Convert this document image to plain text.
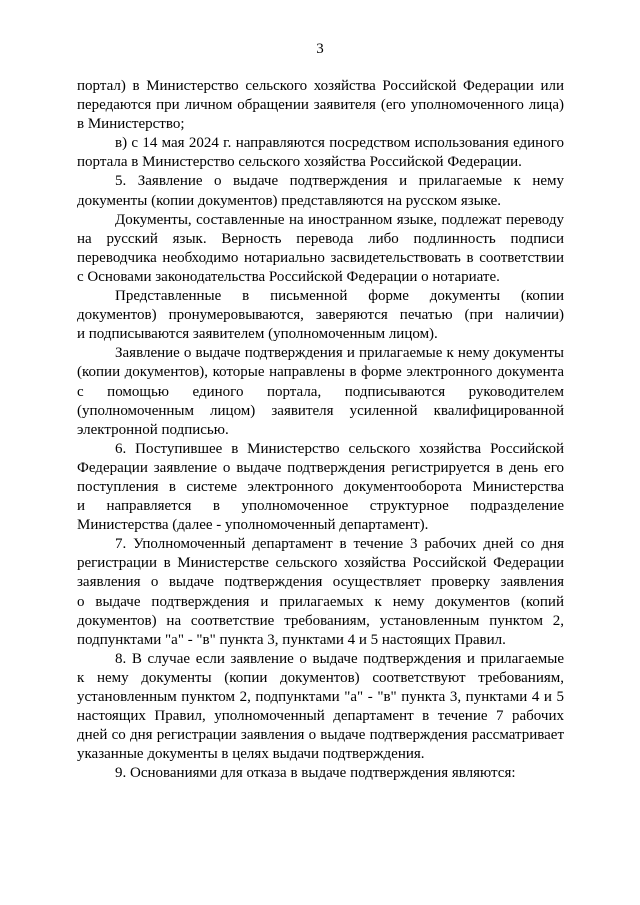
3
портал) в Министерство сельского хозяйства Российской Федерации или
передаются при личном обращении заявителя (его уполномоченного лица)
в Министерство;
в) с 14 мая 2024 г. направляются посредством использования единого
портала в Министерство сельского хозяйства Российской Федерации.
5. Заявление о выдаче подтверждения и прилагаемые к нему
документы (копии документов) представляются на русском языке.
Документы, составленные на иностранном языке, подлежат переводу
на русский язык. Верность перевода либо подлинность подписи
переводчика необходимо нотариально засвидетельствовать в соответствии
с Основами законодательства Российской Федерации о нотариате.
Представленные в письменной форме документы (копии
документов) пронумеровываются, заверяются печатью (при наличии)
и подписываются заявителем (уполномоченным лицом).
Заявление о выдаче подтверждения и прилагаемые к нему документы
(копии документов), которые направлены в форме электронного документа
с помощью единого портала, подписываются руководителем
(уполномоченным лицом) заявителя усиленной квалифицированной
электронной подписью.
6. Поступившее в Министерство сельского хозяйства Российской
Федерации заявление о выдаче подтверждения регистрируется в день его
поступления в системе электронного документооборота Министерства
и направляется в уполномоченное структурное подразделение
Министерства (далее - уполномоченный департамент).
7. Уполномоченный департамент в течение 3 рабочих дней со дня
регистрации в Министерстве сельского хозяйства Российской Федерации
заявления о выдаче подтверждения осуществляет проверку заявления
о выдаче подтверждения и прилагаемых к нему документов (копий
документов) на соответствие требованиям, установленным пунктом 2,
подпунктами "а" - "в" пункта 3, пунктами 4 и 5 настоящих Правил.
8. В случае если заявление о выдаче подтверждения и прилагаемые
к нему документы (копии документов) соответствуют требованиям,
установленным пунктом 2, подпунктами "а" - "в" пункта 3, пунктами 4 и 5
настоящих Правил, уполномоченный департамент в течение 7 рабочих
дней со дня регистрации заявления о выдаче подтверждения рассматривает
указанные документы в целях выдачи подтверждения.
9. Основаниями для отказа в выдаче подтверждения являются:
